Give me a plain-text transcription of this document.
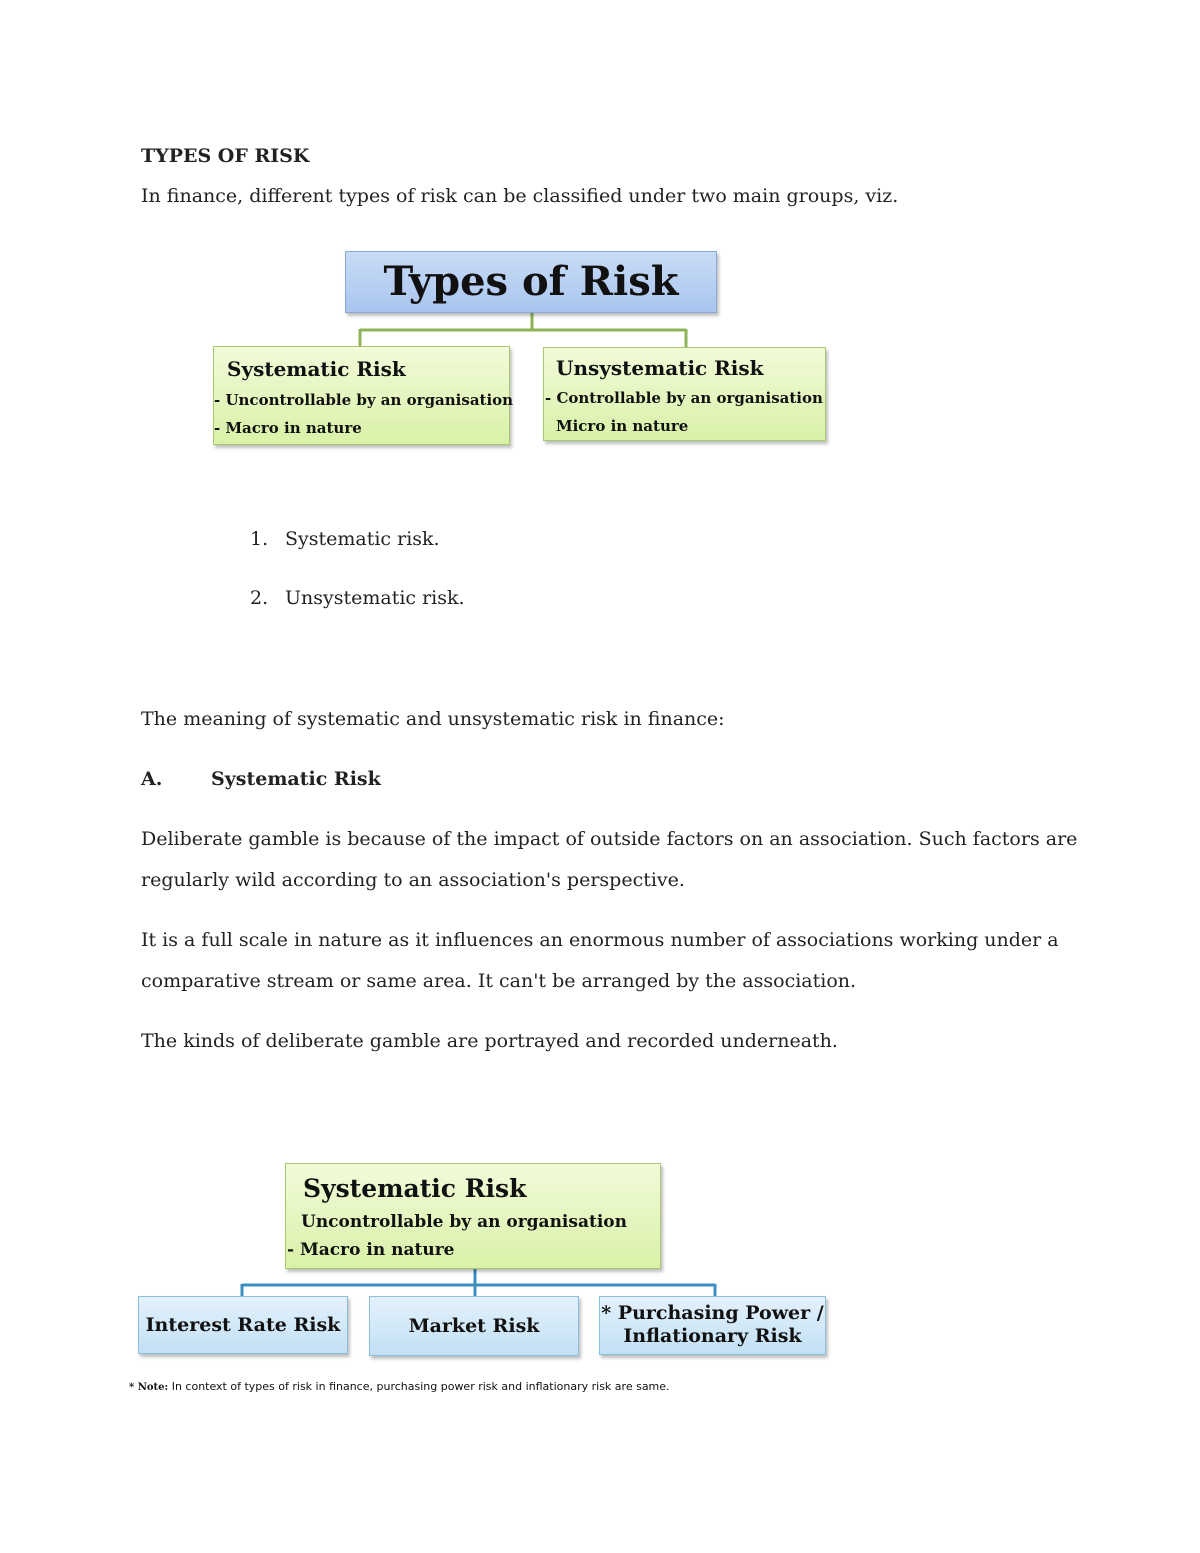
TYPES OF RISK
In finance, different types of risk can be classified under two main groups, viz.
Types of Risk
Systematic Risk
- Uncontrollable by an organisation
- Macro in nature
Unsystematic Risk
- Controllable by an organisation
Micro in nature
1. Systematic risk.
2. Unsystematic risk.
The meaning of systematic and unsystematic risk in finance:
A.	Systematic Risk
Deliberate gamble is because of the impact of outside factors on an association. Such factors are
regularly wild according to an association's perspective.
It is a full scale in nature as it influences an enormous number of associations working under a
comparative stream or same area. It can't be arranged by the association.
The kinds of deliberate gamble are portrayed and recorded underneath.
Systematic Risk
Uncontrollable by an organisation
- Macro in nature
Interest Rate Risk	Market Risk
* Purchasing Power /
Inflationary Risk
* Note: In context of types of risk in finance, purchasing power risk and inflationary risk are same.
